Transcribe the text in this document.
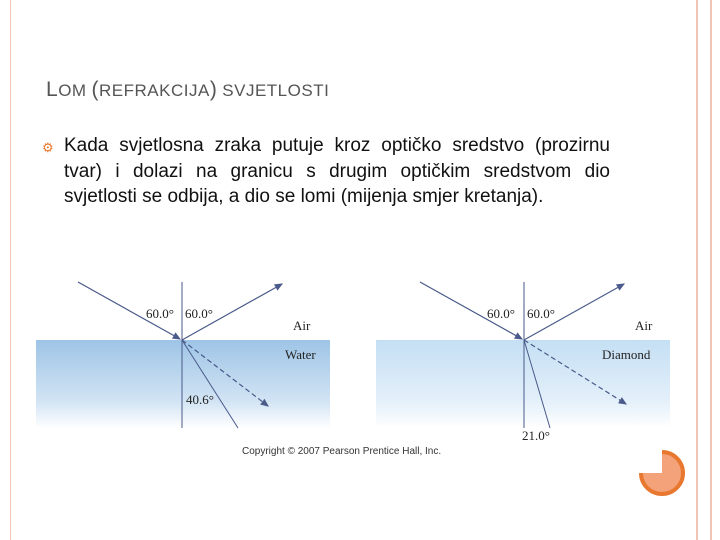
LOM (REFRAKCIJA) SVJETLOSTI
⚙ Kada svjetlosna zraka putuje kroz optičko sredstvo (prozirnu tvar) i dolazi na granicu s drugim optičkim sredstvom dio svjetlosti se odbija, a dio se lomi (mijenja smjer kretanja).
60.0° 60.0°
Air
Water
40.6°
60.0° 60.0°
Air
Diamond
21.0°
Copyright © 2007 Pearson Prentice Hall, Inc.
